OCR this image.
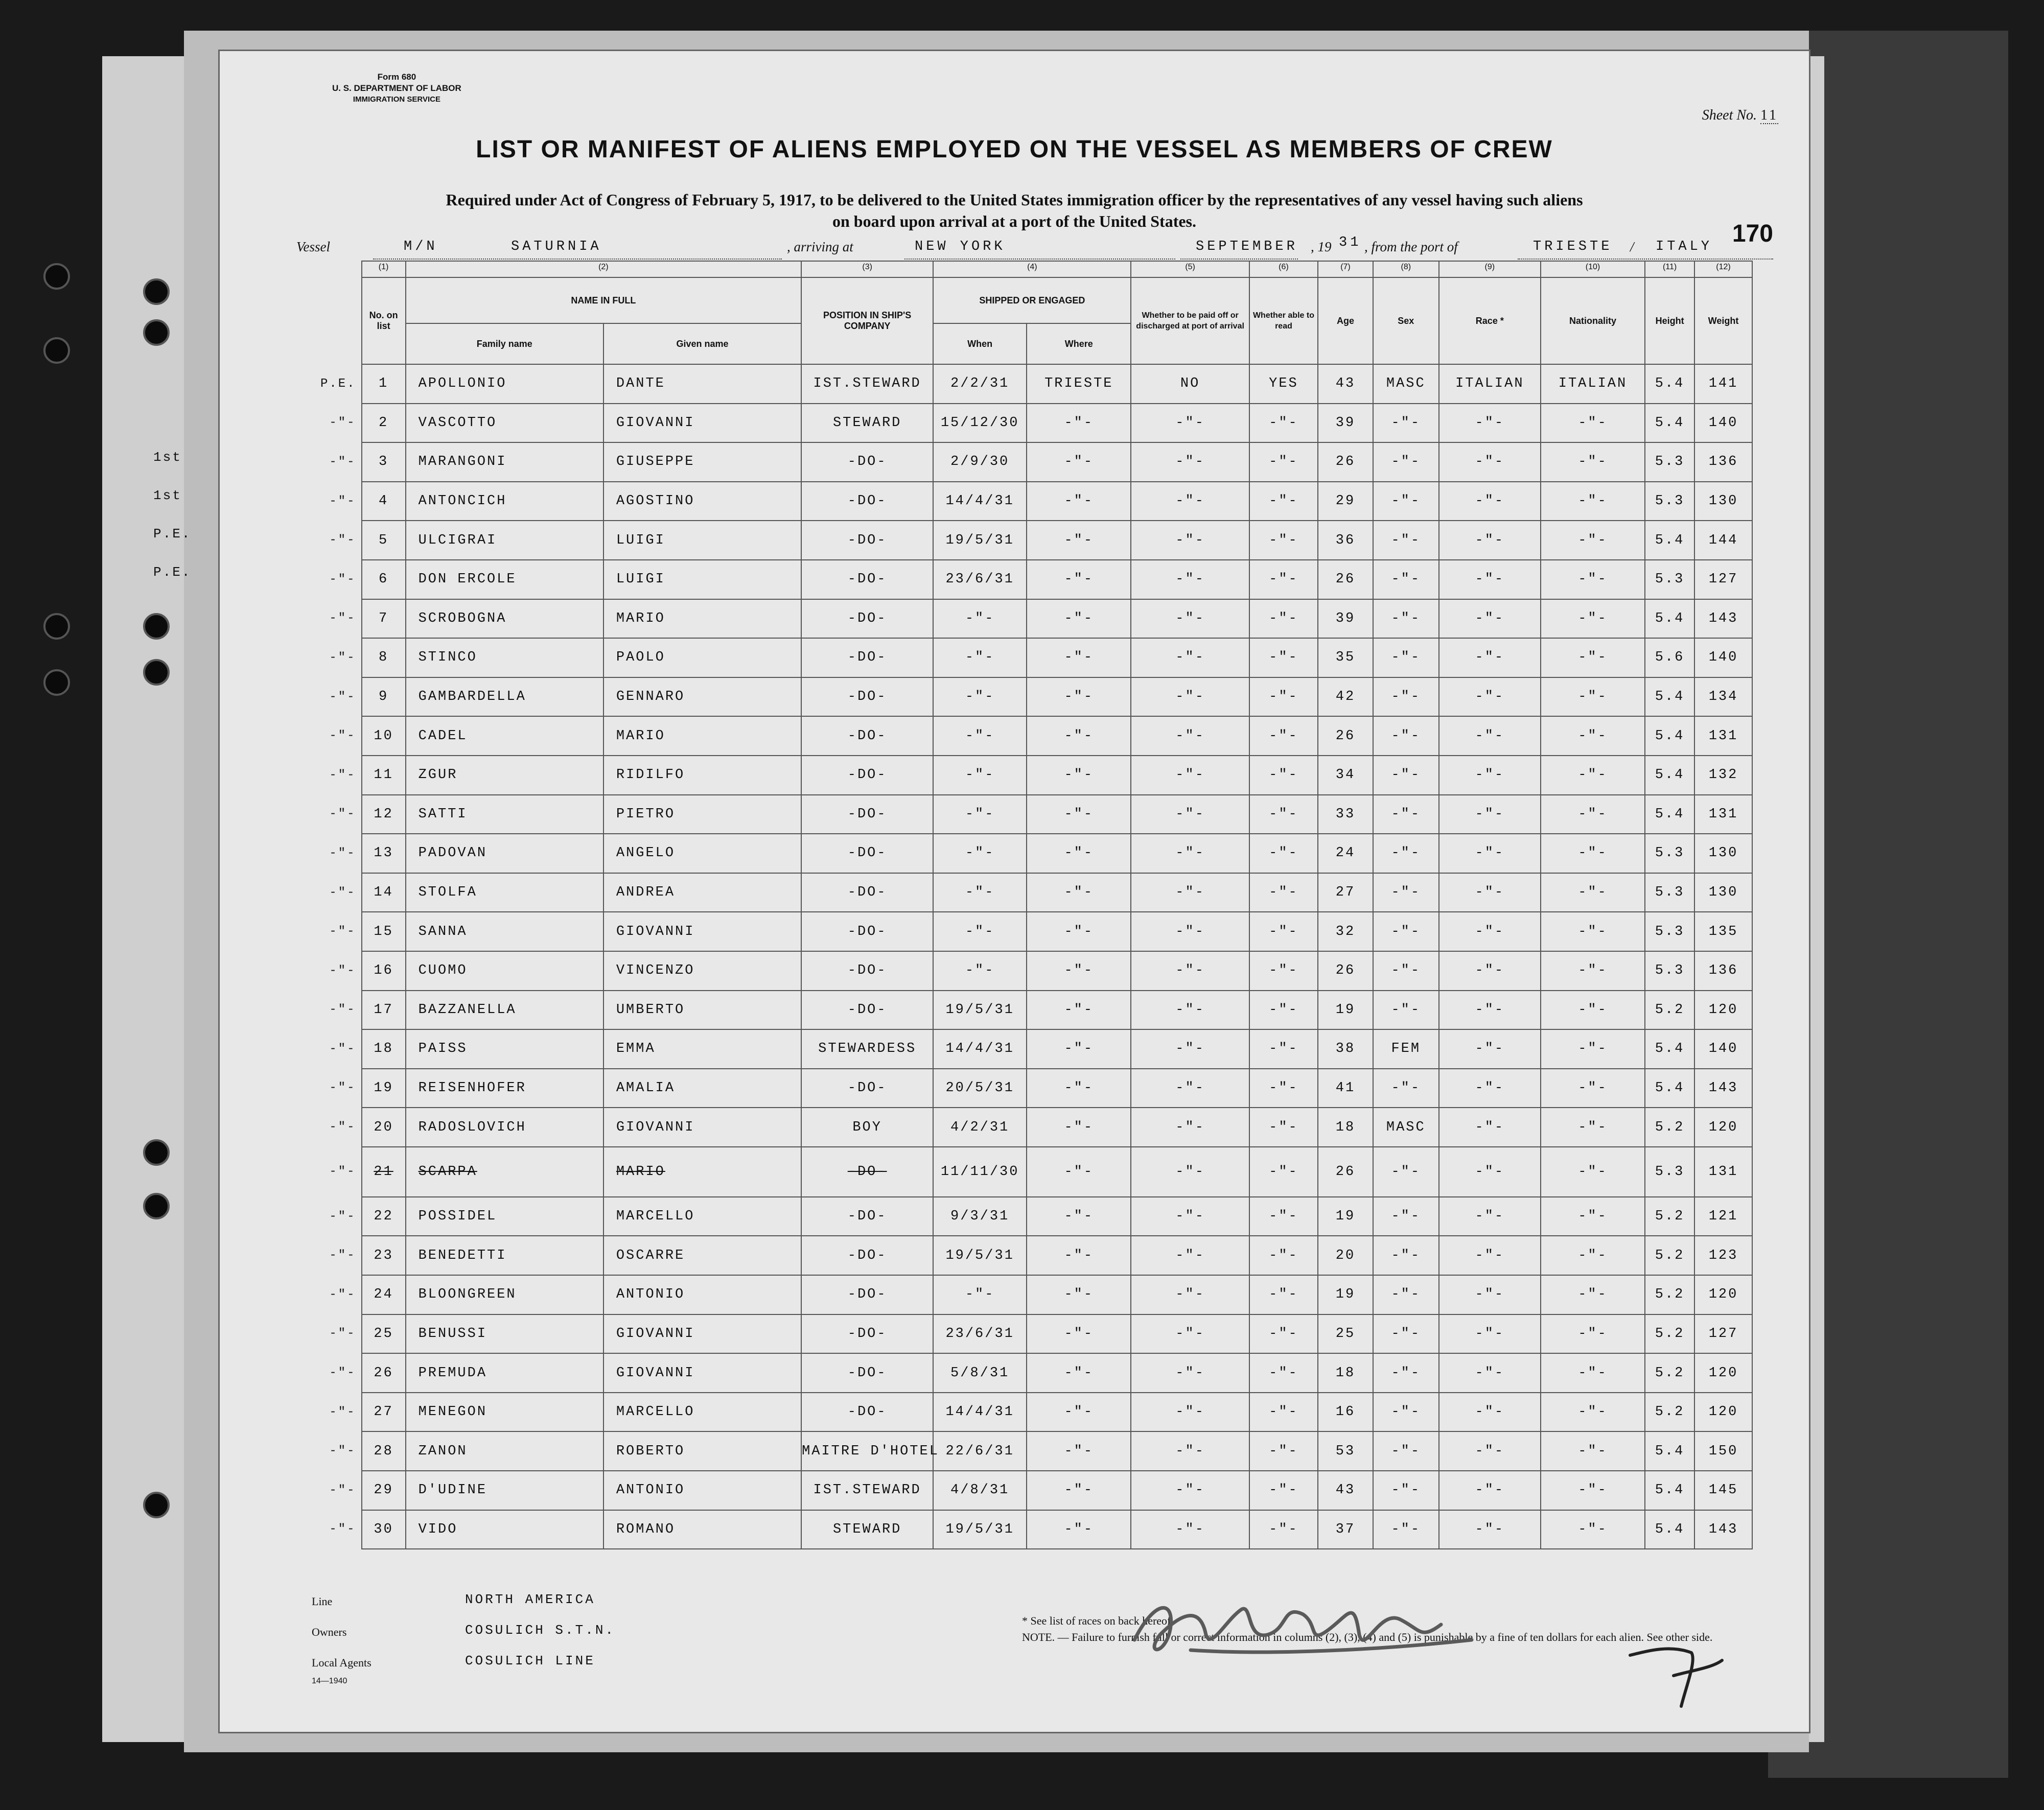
Form 680
U. S. DEPARTMENT OF LABOR
IMMIGRATION SERVICE
Sheet No. 11
LIST OR MANIFEST OF ALIENS EMPLOYED ON THE VESSEL AS MEMBERS OF CREW
Required under Act of Congress of February 5, 1917, to be delivered to the United States immigration officer by the representatives of any vessel having such aliens
on board upon arrival at a port of the United States.	170
Vessel	M/N	SATURNIA	, arriving at	NEW YORK	SEPTEMBER , 19 31 , from the port of	TRIESTE / ITALY
1st
1st
P.E.
P.E.
	(1)	(2)		(3)	(4)		(5)	(6)	(7)	(8)	(9)	(10)	(11)	(12)	
	No. on list	NAME IN FULL		POSITION IN SHIP'S COMPANY	SHIPPED OR ENGAGED		Whether to be paid off or discharged at port of arrival	Whether able to read	Age	Sex	Race *	Nationality	Height	Weight	
		Family name	Given name		When	Where									
P.E.	1	APOLLONIO	DANTE	IST.STEWARD	2/2/31	TRIESTE	NO	YES	43	MASC	ITALIAN	ITALIAN	5.4	141	
-"-	2	VASCOTTO	GIOVANNI	STEWARD	15/12/30	-"-	-"-	-"-	39	-"-	-"-	-"-	5.4	140	
-"-	3	MARANGONI	GIUSEPPE	-DO-	2/9/30	-"-	-"-	-"-	26	-"-	-"-	-"-	5.3	136	
-"-	4	ANTONCICH	AGOSTINO	-DO-	14/4/31	-"-	-"-	-"-	29	-"-	-"-	-"-	5.3	130	
-"-	5	ULCIGRAI	LUIGI	-DO-	19/5/31	-"-	-"-	-"-	36	-"-	-"-	-"-	5.4	144	
-"-	6	DON ERCOLE	LUIGI	-DO-	23/6/31	-"-	-"-	-"-	26	-"-	-"-	-"-	5.3	127	
-"-	7	SCROBOGNA	MARIO	-DO-	-"-	-"-	-"-	-"-	39	-"-	-"-	-"-	5.4	143	
-"-	8	STINCO	PAOLO	-DO-	-"-	-"-	-"-	-"-	35	-"-	-"-	-"-	5.6	140	
-"-	9	GAMBARDELLA	GENNARO	-DO-	-"-	-"-	-"-	-"-	42	-"-	-"-	-"-	5.4	134	
-"-	10	CADEL	MARIO	-DO-	-"-	-"-	-"-	-"-	26	-"-	-"-	-"-	5.4	131	
-"-	11	ZGUR	RIDILFO	-DO-	-"-	-"-	-"-	-"-	34	-"-	-"-	-"-	5.4	132	
-"-	12	SATTI	PIETRO	-DO-	-"-	-"-	-"-	-"-	33	-"-	-"-	-"-	5.4	131	
-"-	13	PADOVAN	ANGELO	-DO-	-"-	-"-	-"-	-"-	24	-"-	-"-	-"-	5.3	130	
-"-	14	STOLFA	ANDREA	-DO-	-"-	-"-	-"-	-"-	27	-"-	-"-	-"-	5.3	130	
-"-	15	SANNA	GIOVANNI	-DO-	-"-	-"-	-"-	-"-	32	-"-	-"-	-"-	5.3	135	
-"-	16	CUOMO	VINCENZO	-DO-	-"-	-"-	-"-	-"-	26	-"-	-"-	-"-	5.3	136	
-"-	17	BAZZANELLA	UMBERTO	-DO-	19/5/31	-"-	-"-	-"-	19	-"-	-"-	-"-	5.2	120	
-"-	18	PAISS	EMMA	STEWARDESS	14/4/31	-"-	-"-	-"-	38	FEM	-"-	-"-	5.4	140	
-"-	19	REISENHOFER	AMALIA	-DO-	20/5/31	-"-	-"-	-"-	41	-"-	-"-	-"-	5.4	143	
-"-	20	RADOSLOVICH	GIOVANNI	BOY	4/2/31	-"-	-"-	-"-	18	MASC	-"-	-"-	5.2	120	
-"-	21	SCARPA	MARIO	-DO-	11/11/30	-"-	-"-	-"-	26	-"-	-"-	-"-	5.3	131	
-"-	22	POSSIDEL	MARCELLO	-DO-	9/3/31	-"-	-"-	-"-	19	-"-	-"-	-"-	5.2	121	
-"-	23	BENEDETTI	OSCARRE	-DO-	19/5/31	-"-	-"-	-"-	20	-"-	-"-	-"-	5.2	123	
-"-	24	BLOONGREEN	ANTONIO	-DO-	-"-	-"-	-"-	-"-	19	-"-	-"-	-"-	5.2	120	
-"-	25	BENUSSI	GIOVANNI	-DO-	23/6/31	-"-	-"-	-"-	25	-"-	-"-	-"-	5.2	127	
-"-	26	PREMUDA	GIOVANNI	-DO-	5/8/31	-"-	-"-	-"-	18	-"-	-"-	-"-	5.2	120	
-"-	27	MENEGON	MARCELLO	-DO-	14/4/31	-"-	-"-	-"-	16	-"-	-"-	-"-	5.2	120	
-"-	28	ZANON	ROBERTO	MAITRE D'HOTEL	22/6/31	-"-	-"-	-"-	53	-"-	-"-	-"-	5.4	150	
-"-	29	D'UDINE	ANTONIO	IST.STEWARD	4/8/31	-"-	-"-	-"-	43	-"-	-"-	-"-	5.4	145	
-"-	30	VIDO	ROMANO	STEWARD	19/5/31	-"-	-"-	-"-	37	-"-	-"-	-"-	5.4	143	
Line	NORTH AMERICA
Owners	COSULICH S.T.N.
Local Agents	COSULICH LINE
14—1940
* See list of races on back hereof.
NOTE. — Failure to furnish full or correct information in columns (2), (3), (4) and (5) is punishable by a fine of ten dollars for each alien. See other side.
